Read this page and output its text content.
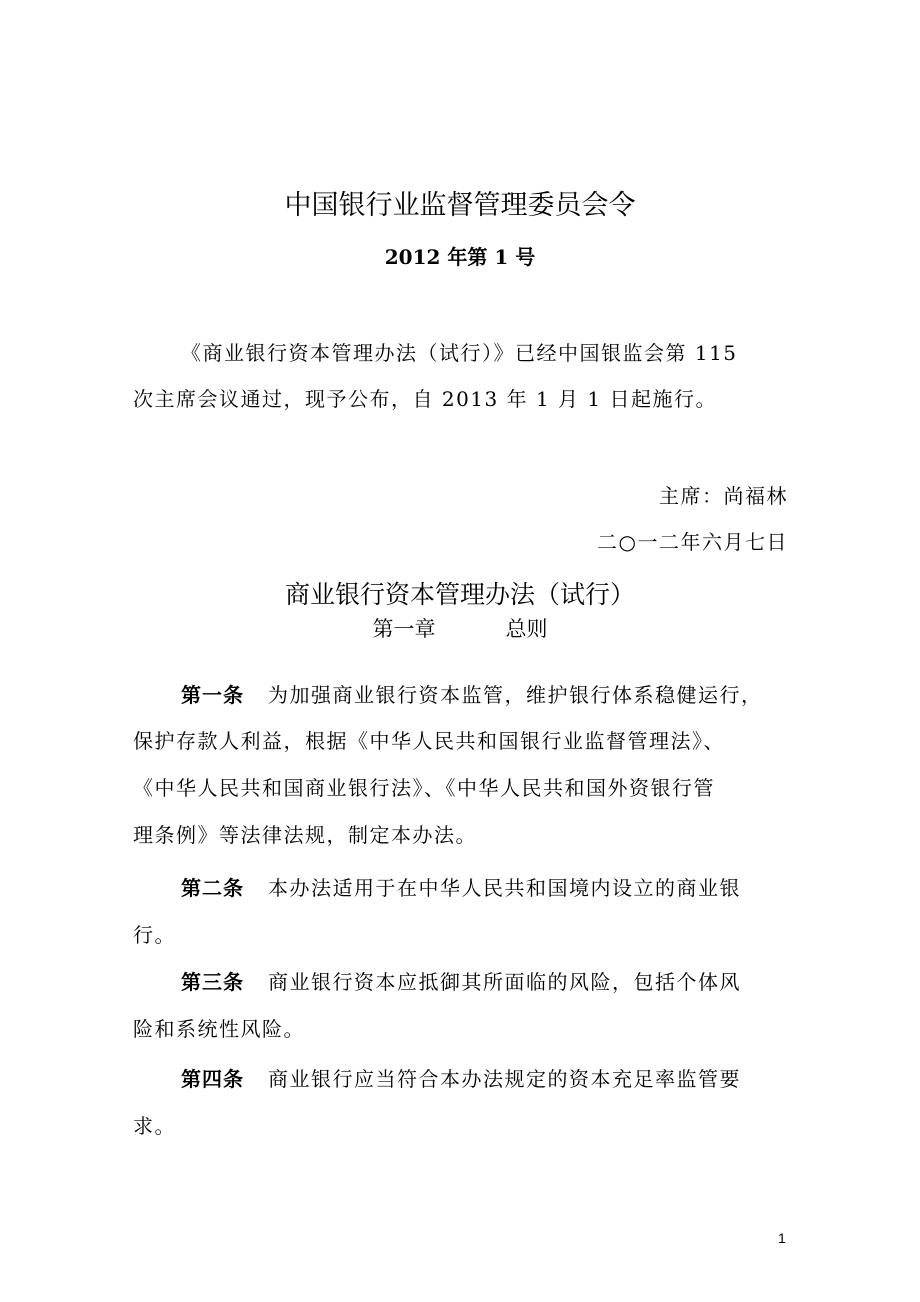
中国银行业监督管理委员会令
2012 年第 1 号
《商业银行资本管理办法（试行）》已经中国银监会第 115
次主席会议通过，现予公布，自 2013 年 1 月 1 日起施行。
主席：尚福林
二○一二年六月七日
商业银行资本管理办法（试行）
第一章	总则
第一条 为加强商业银行资本监管，维护银行体系稳健运行，
保护存款人利益，根据《中华人民共和国银行业监督管理法》、
《中华人民共和国商业银行法》、《中华人民共和国外资银行管
理条例》等法律法规，制定本办法。
第二条 本办法适用于在中华人民共和国境内设立的商业银
行。
第三条 商业银行资本应抵御其所面临的风险，包括个体风
险和系统性风险。
第四条 商业银行应当符合本办法规定的资本充足率监管要
求。
1
